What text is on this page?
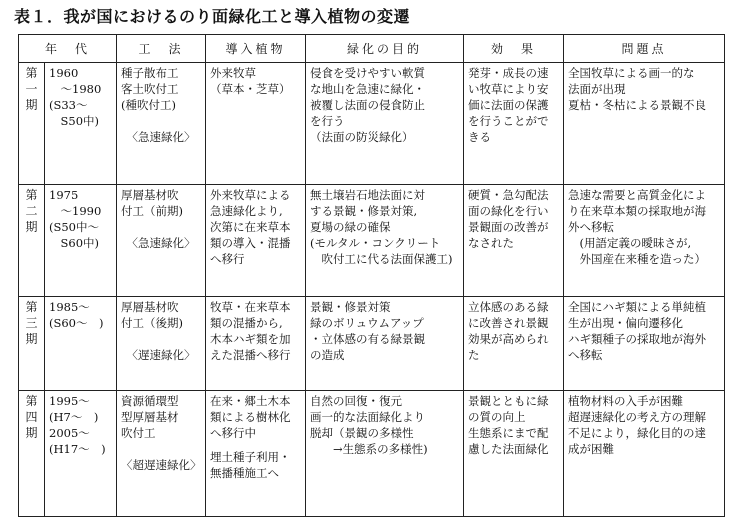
表１．我が国におけるのり面緑化工と導入植物の変遷
年　代		工　法	導入植物	緑化の目的	効　果	問題点

第一期	1960
　～1980
(S33～
　S50中)	種子散布工
客土吹付工
(種吹付工)
〈急速緑化〉	外来牧草
（草本・芝草）	侵食を受けやすい軟質
な地山を急速に緑化・
被覆し法面の侵食防止
を行う
（法面の防災緑化）	発芽・成長の速
い牧草により安
価に法面の保護
を行うことがで
きる	全国牧草による画一的な
法面が出現
夏枯・冬枯による景観不良

第二期	1975　
　～1990
(S50中～
　S60中)	厚層基材吹
付工（前期)
〈急速緑化〉	外来牧草による
急速緑化より,
次第に在来草本
類の導入・混播
へ移行	無土壌岩石地法面に対
する景観・修景対策,
夏場の緑の確保
(モルタル・コンクリート
　吹付工に代る法面保護工)	硬質・急勾配法
面の緑化を行い
景観面の改善が
なされた	急速な需要と高質金化によ
り在来草本類の採取地が海
外へ移転
　(用語定義の曖昧さが,
　外国産在来種を造った）

第三期	1985～
(S60～　)	厚層基材吹
付工（後期)
〈遅速緑化〉	牧草・在来草本
類の混播から,
木本ハギ類を加
えた混播へ移行	景観・修景対策
緑のボリュウムアップ
・立体感の有る緑景観
の造成	立体感のある緑
に改善され景観
効果が高められ
た	全国にハギ類による単純植
生が出現・偏向遷移化
ハギ類種子の採取地が海外
へ移転

第四期	1995～
(H7～　)
2005～
(H17～　)	資源循環型
型厚層基材
吹付工
〈超遅速緑化〉	在来・郷土木本
類による樹林化
へ移行中
埋土種子利用・
無播種施工へ	自然の回復・復元
画一的な法面緑化より
脱却（景観の多様性
　　→生態系の多様性)	景観とともに緑
の質の向上
生態系にまで配
慮した法面緑化	植物材料の入手が困難
超遅速緑化の考え方の理解
不足により，緑化目的の達
成が困難
